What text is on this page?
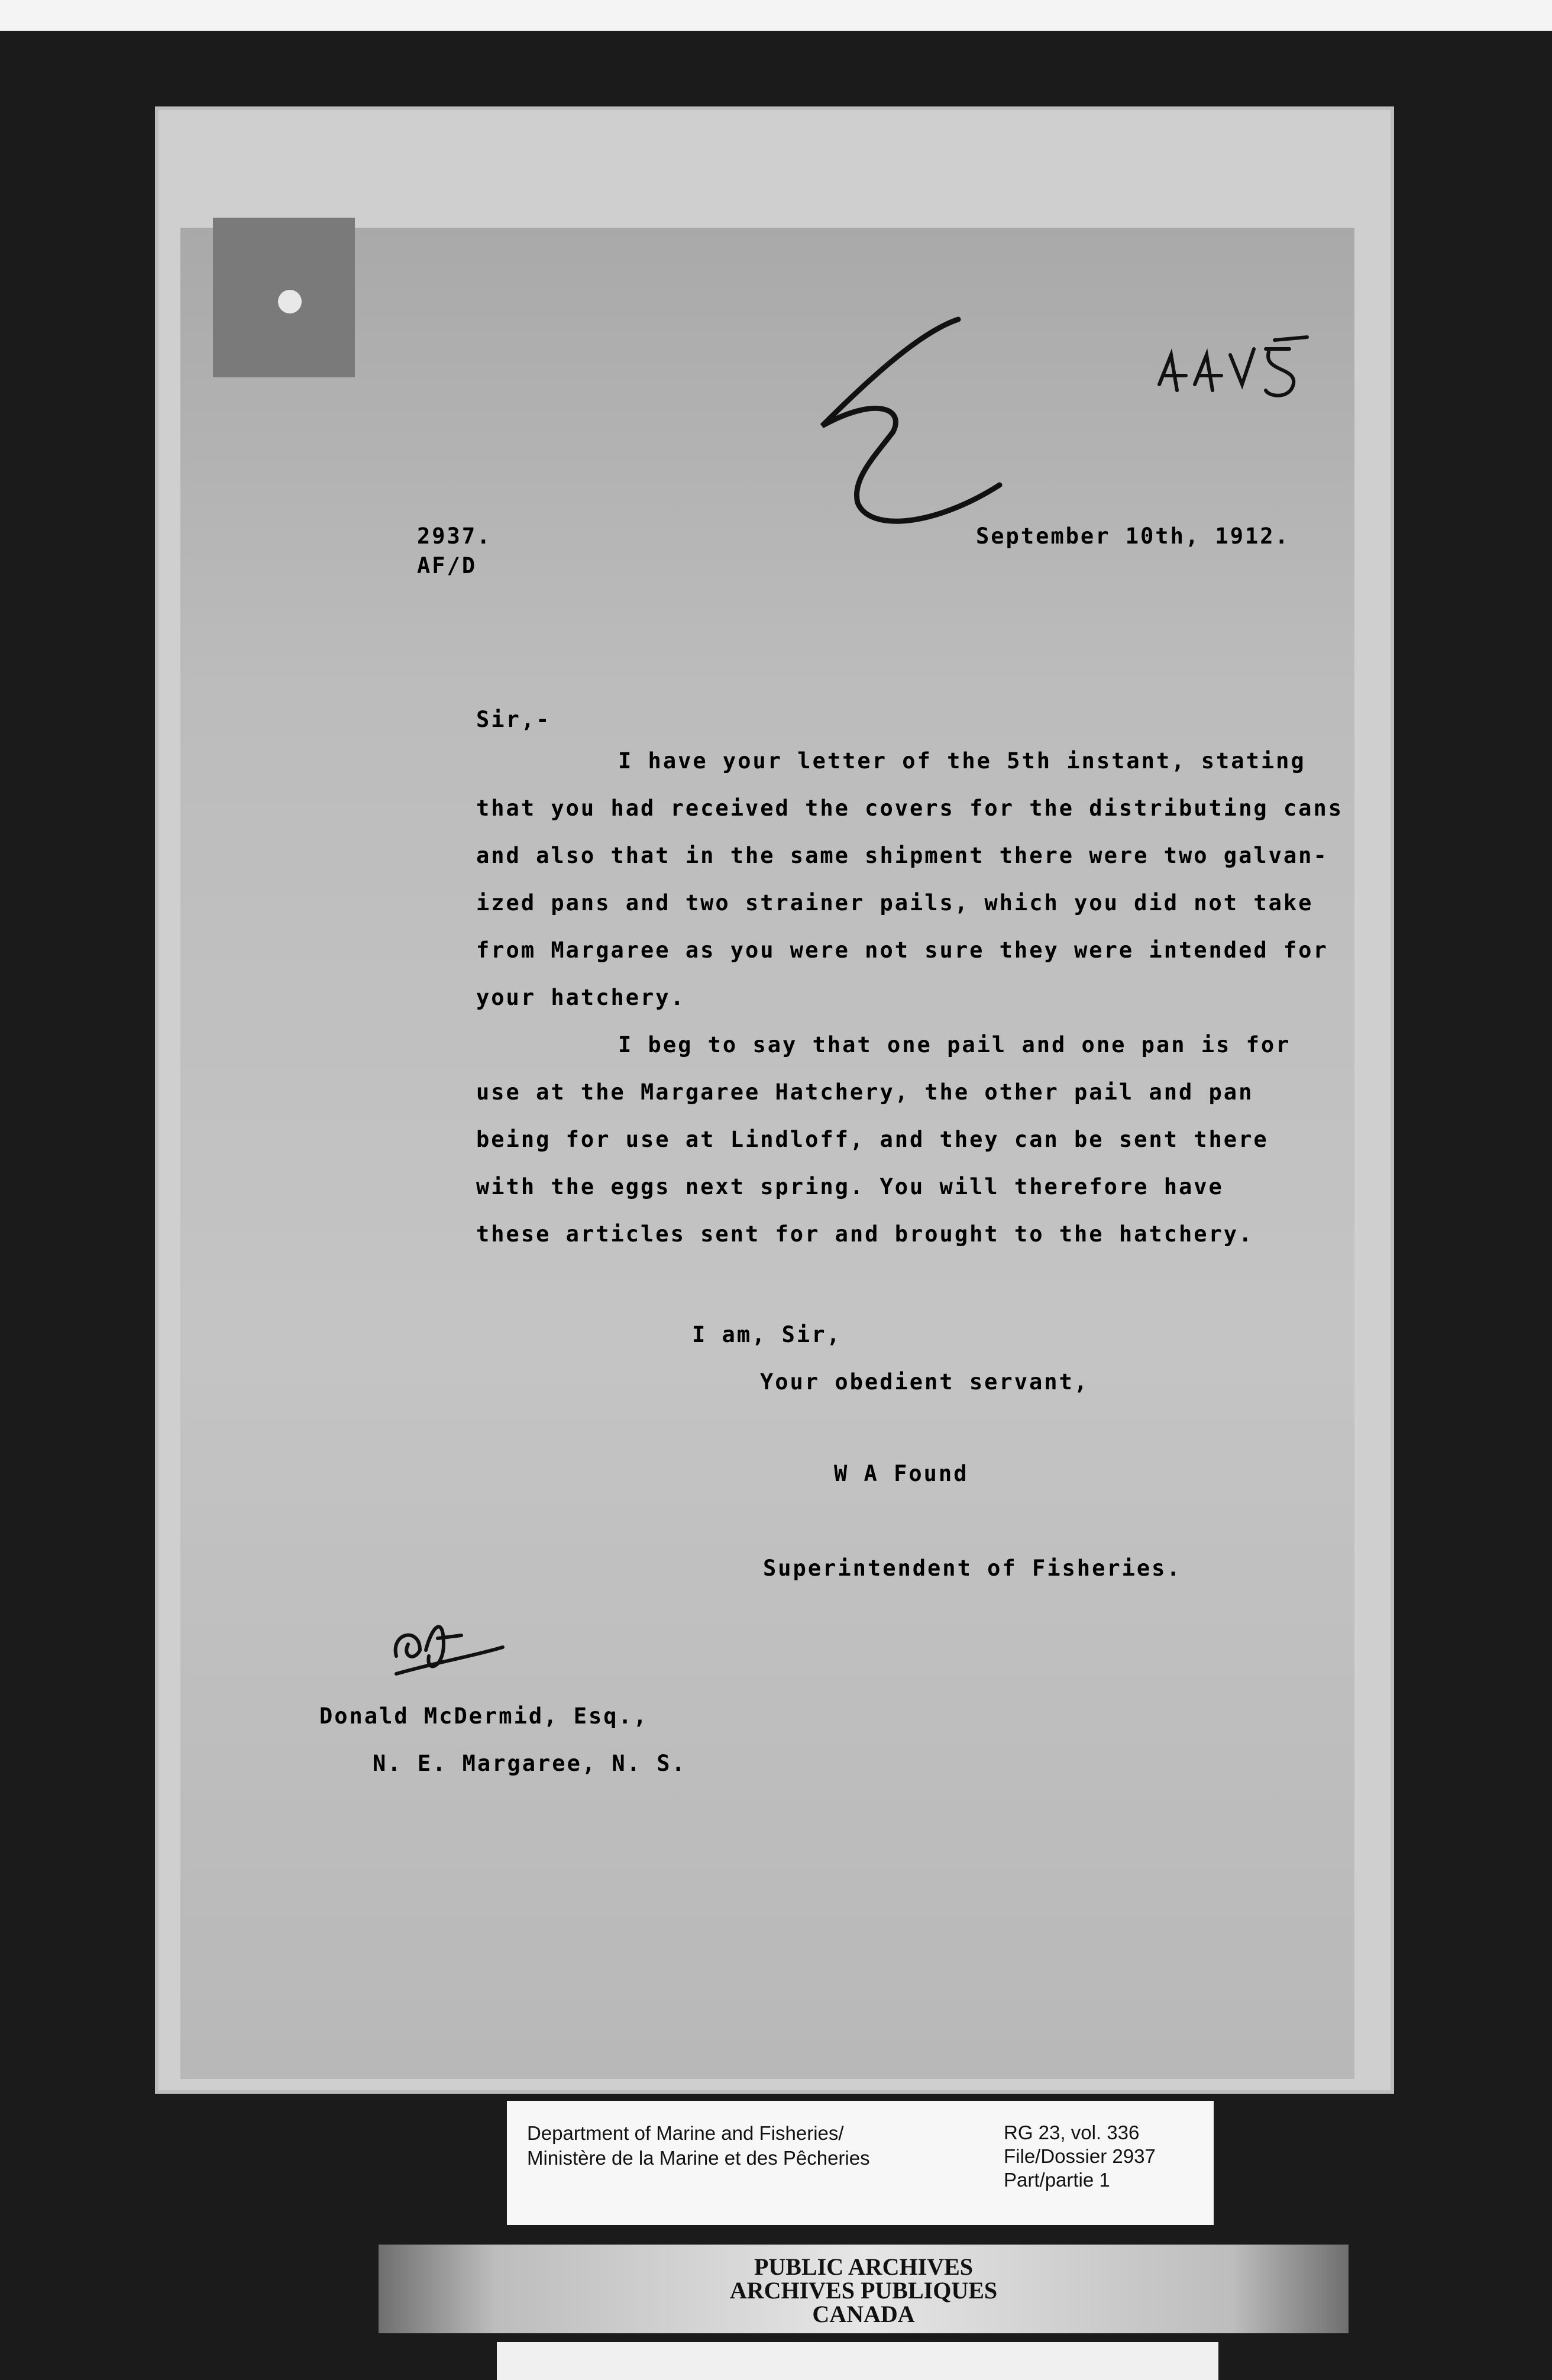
2937.
AF/D
September 10th, 1912.
Sir,-
I have your letter of the 5th instant, stating
that you had received the covers for the distributing cans
and also that in the same shipment there were two galvan-
ized pans and two strainer pails, which you did not take
from Margaree as you were not sure they were intended for
your hatchery.
I beg to say that one pail and one pan is for
use at the Margaree Hatchery, the other pail and pan
being for use at Lindloff, and they can be sent there
with the eggs next spring. You will therefore have
these articles sent for and brought to the hatchery.
I am, Sir,
Your obedient servant,
W A Found
Superintendent of Fisheries.
Donald McDermid, Esq.,
N. E. Margaree, N. S.
Department of Marine and Fisheries/
Ministère de la Marine et des Pêcheries
RG 23, vol. 336
File/Dossier 2937
Part/partie 1
PUBLIC ARCHIVES
ARCHIVES PUBLIQUES
CANADA
